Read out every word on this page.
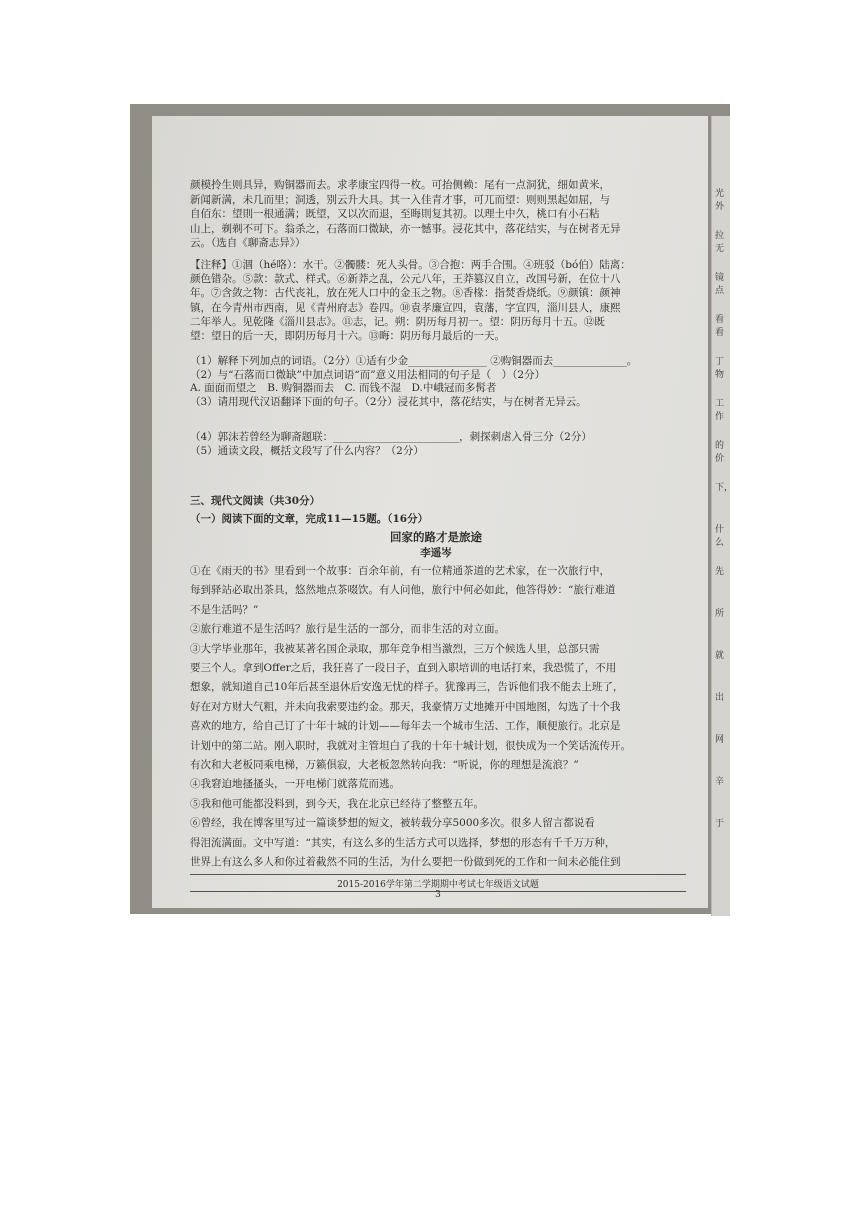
颜模拎生则具异，购铜器而去。求孝康宝四得一枚。可抬侧赖：尾有一点洞犹，细如黄米，
新闻新满，未几而里；洞透，别云升大具。其一入佳青才事，可兀而望：则则黑起如屈，与
自佰东：望則一根通满；既望，又以次而退，至晦則复其初。以理土中久，桃口有小石粘
山上，剃剃不可下。翁杀之，石落而口微缺，亦一憾事。浸花其中，落花结实，与在树者无异
云。（选自《聊斋志异》）
【注释】①涸（hé咯）：水干。②髑髅：死人头骨。③合抱：两手合围。④班驳（bó伯）陆离：
颜色错杂。⑤款：款式、样式。⑥新莽之乱，公元八年，王莽篡汉自立，改国号新，在位十八
年。⑦含敛之物：古代丧礼，放在死人口中的金玉之物。⑧香椽：指焚香烧纸。⑨颜镇：颜神
镇，在今青州市西南，见《青州府志》卷四。⑩袁孝廉宣四，袁藩，字宣四，淄川县人，康熙
二年举人。见乾隆《淄川县志》。⑪志，记。朔：阴历每月初一。望：阴历每月十五。⑫既
望：望日的后一天，即阴历每月十六。⑬晦：阴历每月最后的一天。
（1）解释下列加点的词语。（2分）①适有少金_______________ ②购铜器而去______________。
（2）与“石落而口微缺”中加点词语“而”意义用法相同的句子是（　）（2分）
A. 面面而望之　B. 购铜器而去　C. 而钱不湿　D.中峨冠而多髯者
（3）请用现代汉语翻译下面的句子。（2分）浸花其中，落花结实，与在树者无异云。
（4）郭沫若曾经为聊斋题联：________________________，刺探刺虐入骨三分（2分）
（5）通读文段，概括文段写了什么内容？（2分）
三、现代文阅读（共30分）
（一）阅读下面的文章，完成11—15题。（16分）
回家的路才是旅途
李遥岑
①在《雨天的书》里看到一个故事：百余年前，有一位精通茶道的艺术家，在一次旅行中，
每到驿站必取出茶具，悠然地点茶啜饮。有人问他，旅行中何必如此，他答得妙：“旅行难道
不是生活吗？”
②旅行难道不是生活吗？旅行是生活的一部分，而非生活的对立面。
③大学毕业那年，我被某著名国企录取，那年竞争相当激烈，三万个候选人里，总部只需
要三个人。拿到Offer之后，我狂喜了一段日子，直到入职培训的电话打来，我恐慌了，不用
想象，就知道自己10年后甚至退休后安逸无忧的样子。犹豫再三，告诉他们我不能去上班了，
好在对方财大气粗，并未向我索要违约金。那天，我豪情万丈地摊开中国地图，勾选了十个我
喜欢的地方，给自己订了十年十城的计划——每年去一个城市生活、工作，顺便旅行。北京是
计划中的第二站。刚入职时，我就对主管坦白了我的十年十城计划，很快成为一个笑话流传开。
有次和大老板同乘电梯，万籁俱寂，大老板忽然转向我：“听说，你的理想是流浪？”
④我窘迫地搔搔头，一开电梯门就落荒而逃。
⑤我和他可能都没料到，到今天，我在北京已经待了整整五年。
⑥曾经，我在博客里写过一篇谈梦想的短文，被转载分享5000多次。很多人留言都说看
得泪流满面。文中写道：“其实，有这么多的生活方式可以选择，梦想的形态有千千万万种，
世界上有这么多人和你过着截然不同的生活，为什么要把一份做到死的工作和一间未必能住到
2015-2016学年第二学期期中考试七年级语文试题
3
光外
拉无
镜点
看看
丁物
工作
的价
下，
什么
先
所
就
出
网
辛
于
